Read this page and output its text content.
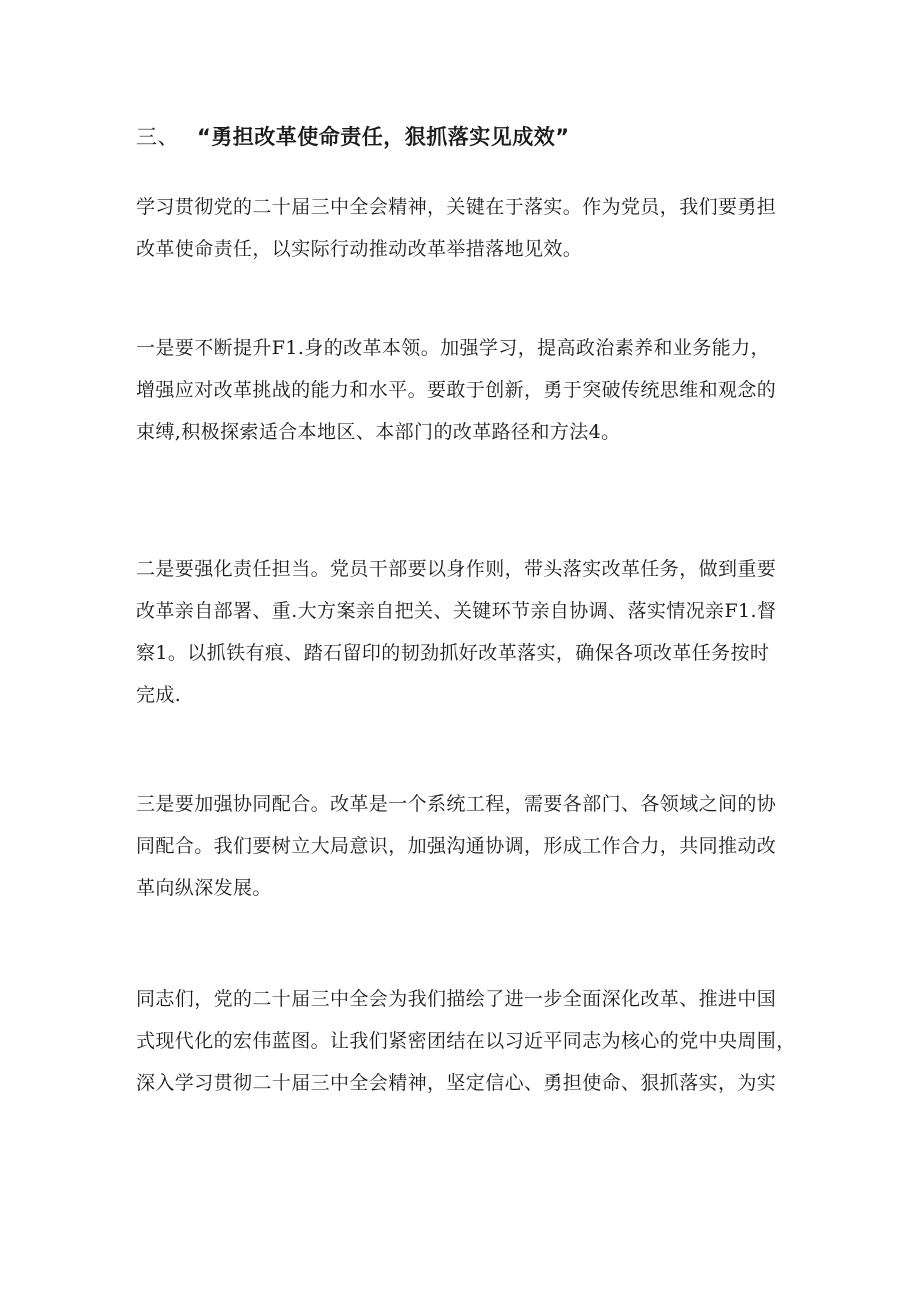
三、 “勇担改革使命责任，狠抓落实见成效”
学习贯彻党的二十届三中全会精神，关键在于落实。作为党员，我们要勇担
改革使命责任，以实际行动推动改革举措落地见效。
一是要不断提升F1.身的改革本领。加强学习，提高政治素养和业务能力，
增强应对改革挑战的能力和水平。要敢于创新，勇于突破传统思维和观念的
束缚,积极探索适合本地区、本部门的改革路径和方法4。
二是要强化责任担当。党员干部要以身作则，带头落实改革任务，做到重要
改革亲自部署、重.大方案亲自把关、关键环节亲自协调、落实情况亲F1.督
察1。以抓铁有痕、踏石留印的韧劲抓好改革落实，确保各项改革任务按时
完成.
三是要加强协同配合。改革是一个系统工程，需要各部门、各领域之间的协
同配合。我们要树立大局意识，加强沟通协调，形成工作合力，共同推动改
革向纵深发展。
同志们，党的二十届三中全会为我们描绘了进一步全面深化改革、推进中国
式现代化的宏伟蓝图。让我们紧密团结在以习近平同志为核心的党中央周围，
深入学习贯彻二十届三中全会精神，坚定信心、勇担使命、狠抓落实，为实
